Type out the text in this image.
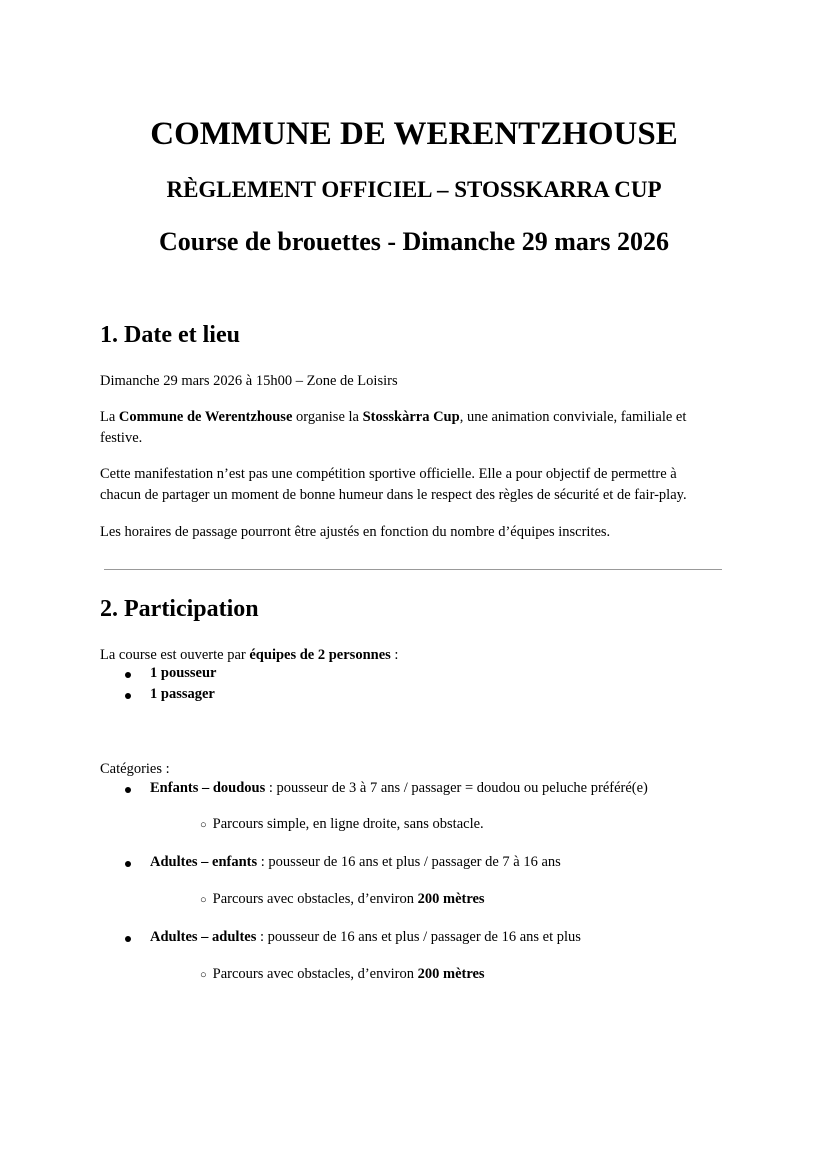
COMMUNE DE WERENTZHOUSE
RÈGLEMENT OFFICIEL – STOSSKARRA CUP
Course de brouettes - Dimanche 29 mars 2026
1. Date et lieu
Dimanche 29 mars 2026 à 15h00 – Zone de Loisirs
La Commune de Werentzhouse organise la Stosskàrra Cup, une animation conviviale, familiale et
festive.
Cette manifestation n’est pas une compétition sportive officielle. Elle a pour objectif de permettre à
chacun de partager un moment de bonne humeur dans le respect des règles de sécurité et de fair-play.
Les horaires de passage pourront être ajustés en fonction du nombre d’équipes inscrites.
2. Participation
La course est ouverte par équipes de 2 personnes :
1 pousseur
1 passager
Catégories :
Enfants – doudous : pousseur de 3 à 7 ans / passager = doudou ou peluche préféré(e)
○ Parcours simple, en ligne droite, sans obstacle.
Adultes – enfants : pousseur de 16 ans et plus / passager de 7 à 16 ans
○ Parcours avec obstacles, d’environ 200 mètres
Adultes – adultes : pousseur de 16 ans et plus / passager de 16 ans et plus
○ Parcours avec obstacles, d’environ 200 mètres
